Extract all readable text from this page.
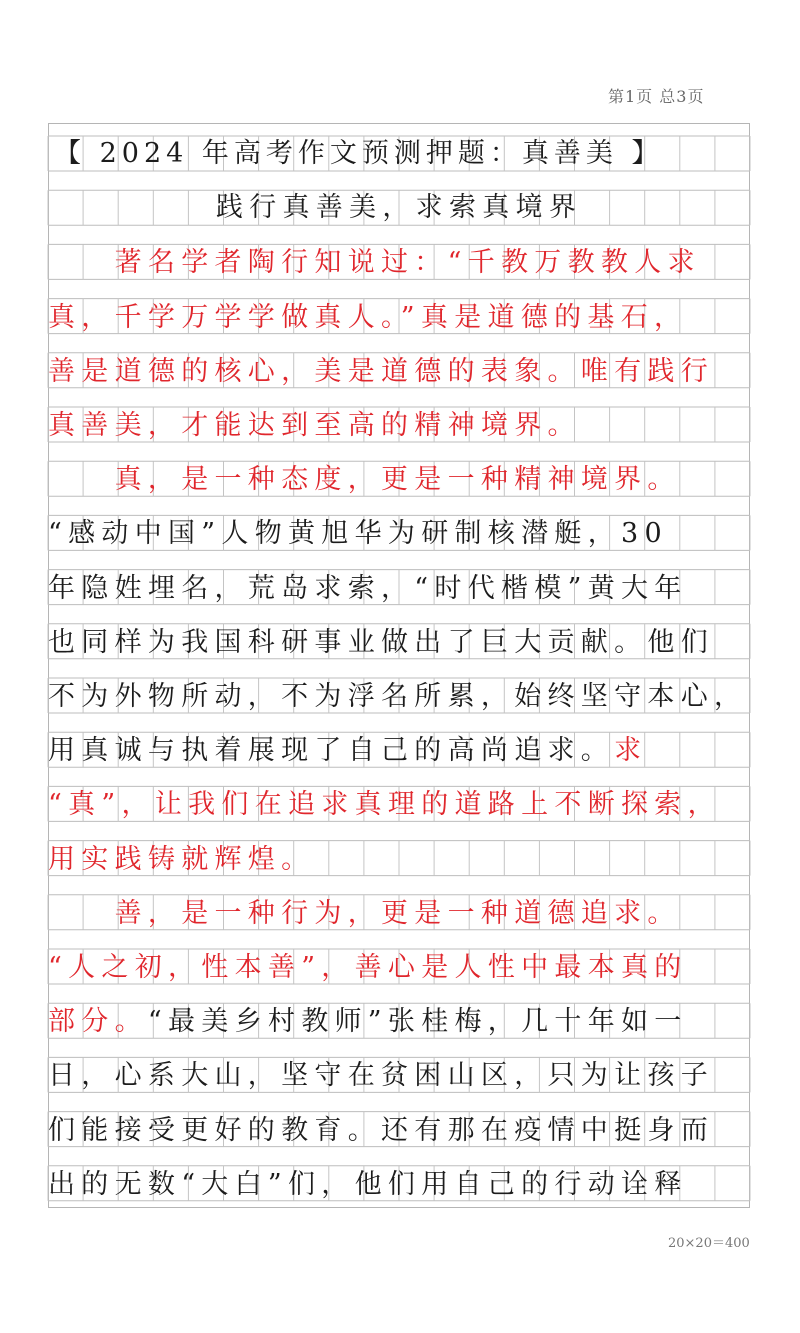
第1页 总3页
【 2024 年高考作文预测押题：真善美 】
践行真善美，求索真境界
　　著名学者陶行知说过：“千教万教教人求
真，千学万学学做真人。”真是道德的基石，
善是道德的核心，美是道德的表象。唯有践行
真善美，才能达到至高的精神境界。
　　真，是一种态度，更是一种精神境界。
“感动中国”人物黄旭华为研制核潜艇，30
年隐姓埋名，荒岛求索，“时代楷模”黄大年
也同样为我国科研事业做出了巨大贡献。他们
不为外物所动，不为浮名所累，始终坚守本心，
用真诚与执着展现了自己的高尚追求。 求
“真”，让我们在追求真理的道路上不断探索，
用实践铸就辉煌。
　　善，是一种行为，更是一种道德追求。
“人之初，性本善”，善心是人性中最本真的
部分。 “最美乡村教师”张桂梅，几十年如一
日，心系大山，坚守在贫困山区，只为让孩子
们能接受更好的教育。还有那在疫情中挺身而
出的无数“大白”们，他们用自己的行动诠释
20×20＝400
